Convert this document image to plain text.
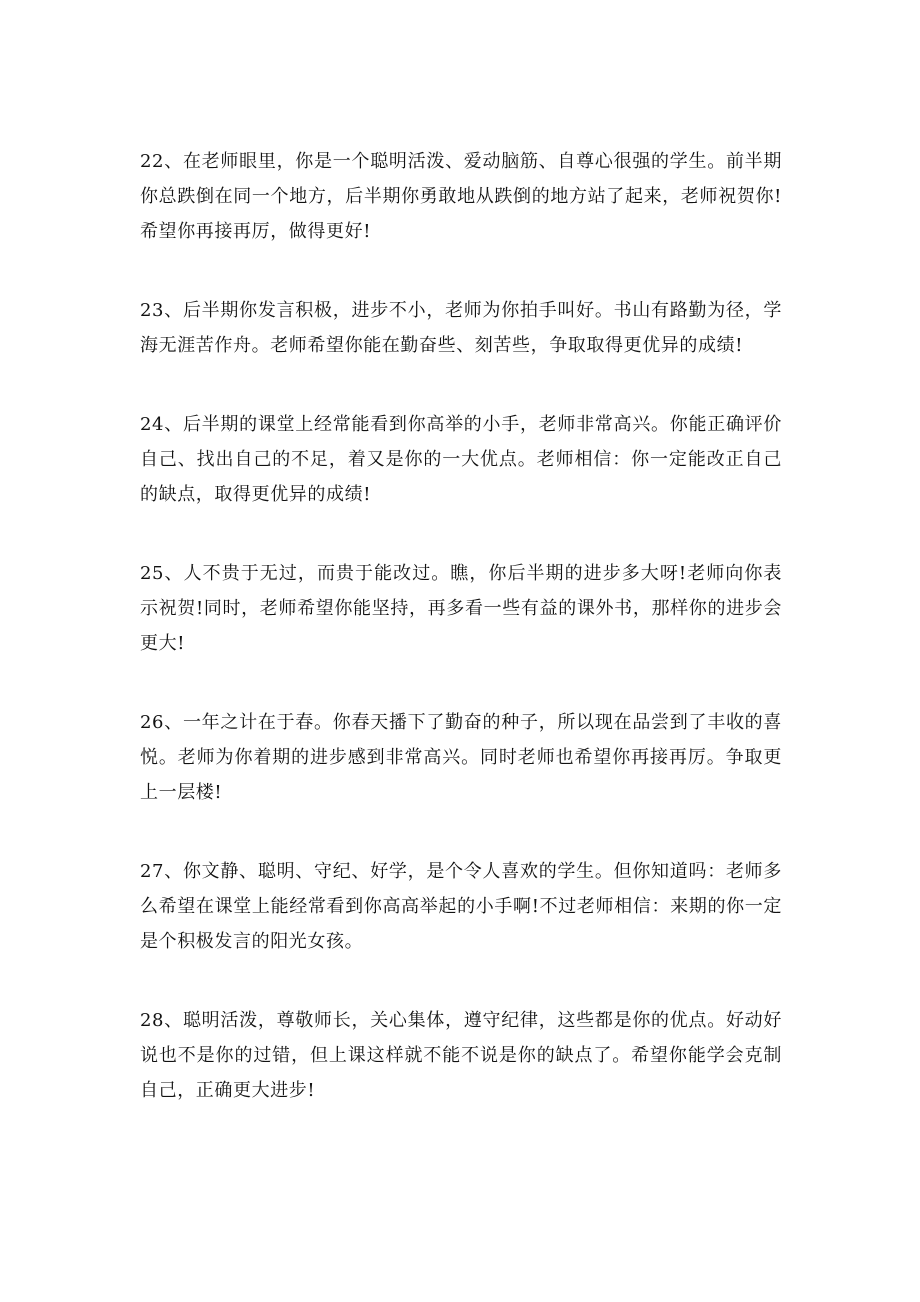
22、在老师眼里，你是一个聪明活泼、爱动脑筋、自尊心很强的学生。前半期你总跌倒在同一个地方，后半期你勇敢地从跌倒的地方站了起来，老师祝贺你!希望你再接再厉，做得更好!

23、后半期你发言积极，进步不小，老师为你拍手叫好。书山有路勤为径，学海无涯苦作舟。老师希望你能在勤奋些、刻苦些，争取取得更优异的成绩!

24、后半期的课堂上经常能看到你高举的小手，老师非常高兴。你能正确评价自己、找出自己的不足，着又是你的一大优点。老师相信：你一定能改正自己的缺点，取得更优异的成绩!

25、人不贵于无过，而贵于能改过。瞧，你后半期的进步多大呀!老师向你表示祝贺!同时，老师希望你能坚持，再多看一些有益的课外书，那样你的进步会更大!

26、一年之计在于春。你春天播下了勤奋的种子，所以现在品尝到了丰收的喜悦。老师为你着期的进步感到非常高兴。同时老师也希望你再接再厉。争取更上一层楼!

27、你文静、聪明、守纪、好学，是个令人喜欢的学生。但你知道吗：老师多么希望在课堂上能经常看到你高高举起的小手啊!不过老师相信：来期的你一定是个积极发言的阳光女孩。

28、聪明活泼，尊敬师长，关心集体，遵守纪律，这些都是你的优点。好动好说也不是你的过错，但上课这样就不能不说是你的缺点了。希望你能学会克制自己，正确更大进步!
